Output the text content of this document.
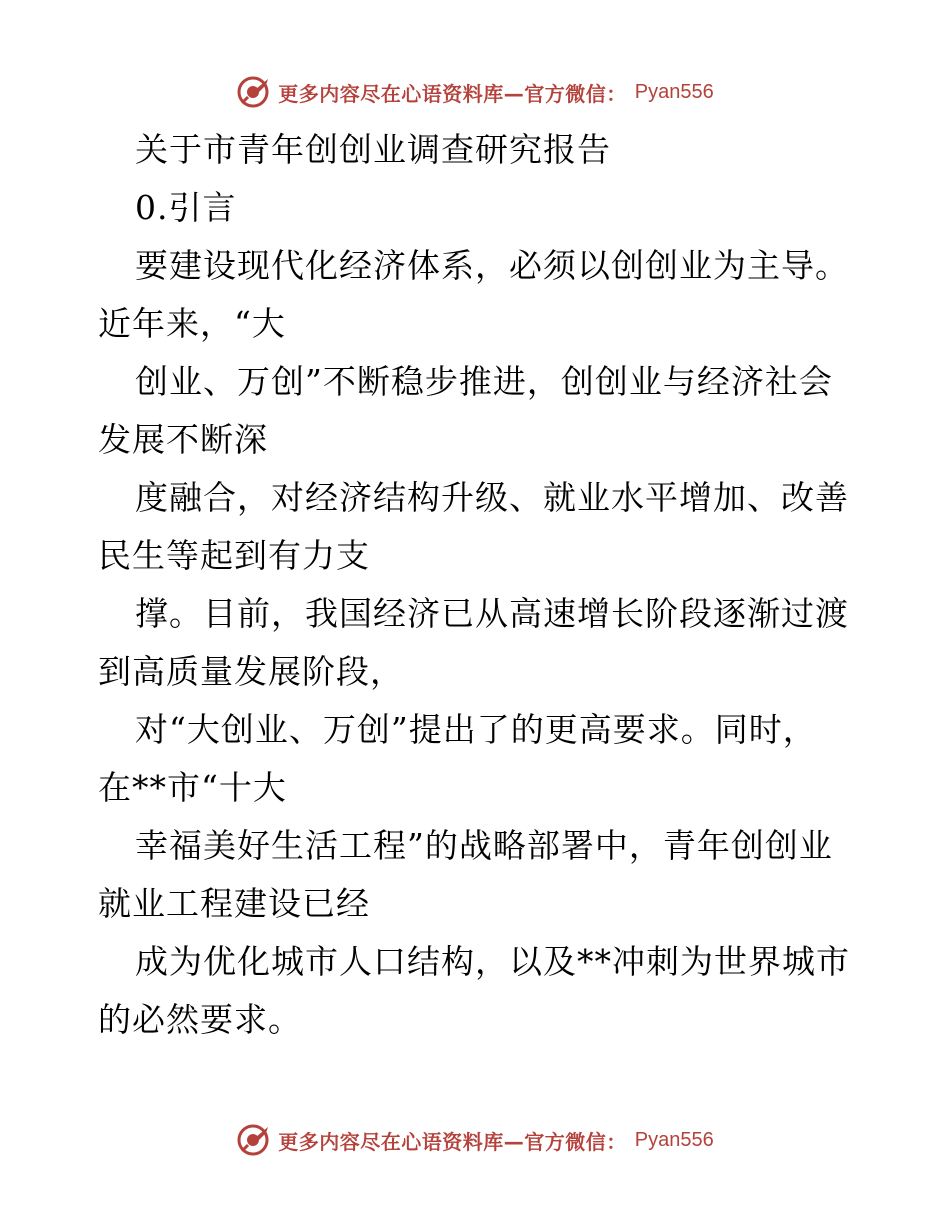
更多内容尽在心语资料库—官方微信： Pyan556
关于市青年创创业调查研究报告
0.引言
要建设现代化经济体系，必须以创创业为主导。
近年来，“大
创业、万创”不断稳步推进，创创业与经济社会
发展不断深
度融合，对经济结构升级、就业水平增加、改善
民生等起到有力支
撑。目前，我国经济已从高速增长阶段逐渐过渡
到高质量发展阶段，
对“大创业、万创”提出了的更高要求。同时，
在**市“十大
幸福美好生活工程”的战略部署中，青年创创业
就业工程建设已经
成为优化城市人口结构，以及**冲刺为世界城市
的必然要求。
更多内容尽在心语资料库—官方微信： Pyan556
